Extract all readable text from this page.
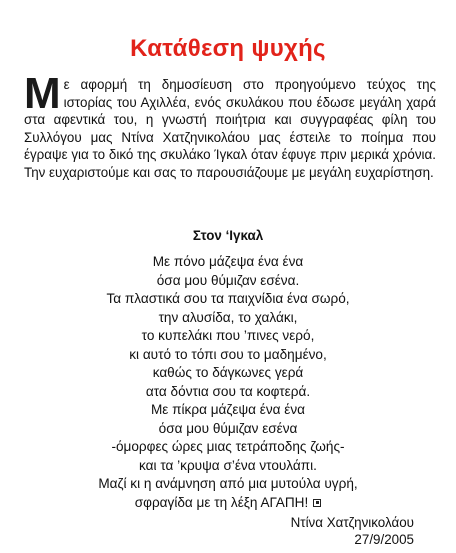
Κατάθεση ψυχής

Με αφορμή τη δημοσίευση στο προηγούμενο τεύχος της ιστορίας του Αχιλλέα, ενός σκυλάκου που έδωσε μεγάλη χαρά στα αφεντικά του, η γνωστή ποιήτρια και συγγραφέας φίλη του Συλλόγου μας Ντίνα Χατζηνικολάου μας έστειλε το ποίημα που έγραψε για το δικό της σκυλάκο Ίγκαλ όταν έφυγε πριν μερικά χρόνια. Την ευχαριστούμε και σας το παρουσιάζουμε με μεγάλη ευχαρίστηση.

Στον ‘Ιγκαλ
Με πόνο μάζεψα ένα ένα
όσα μου θύμιζαν εσένα.
Τα πλαστικά σου τα παιχνίδια ένα σωρό,
την αλυσίδα, το χαλάκι,
το κυπελάκι που ’πινες νερό,
κι αυτό το τόπι σου το μαδημένο,
καθώς το δάγκωνες γερά
ατα δόντια σου τα κοφτερά.
Με πίκρα μάζεψα ένα ένα
όσα μου θύμιζαν εσένα
-όμορφες ώρες μιας τετράποδης ζωής-
και τα ’κρυψα σ’ένα ντουλάπι.
Μαζί κι η ανάμνηση από μια μυτούλα υγρή,
σφραγίδα με τη λέξη ΑΓΑΠΗ!
Ντίνα Χατζηνικολάου
27/9/2005
